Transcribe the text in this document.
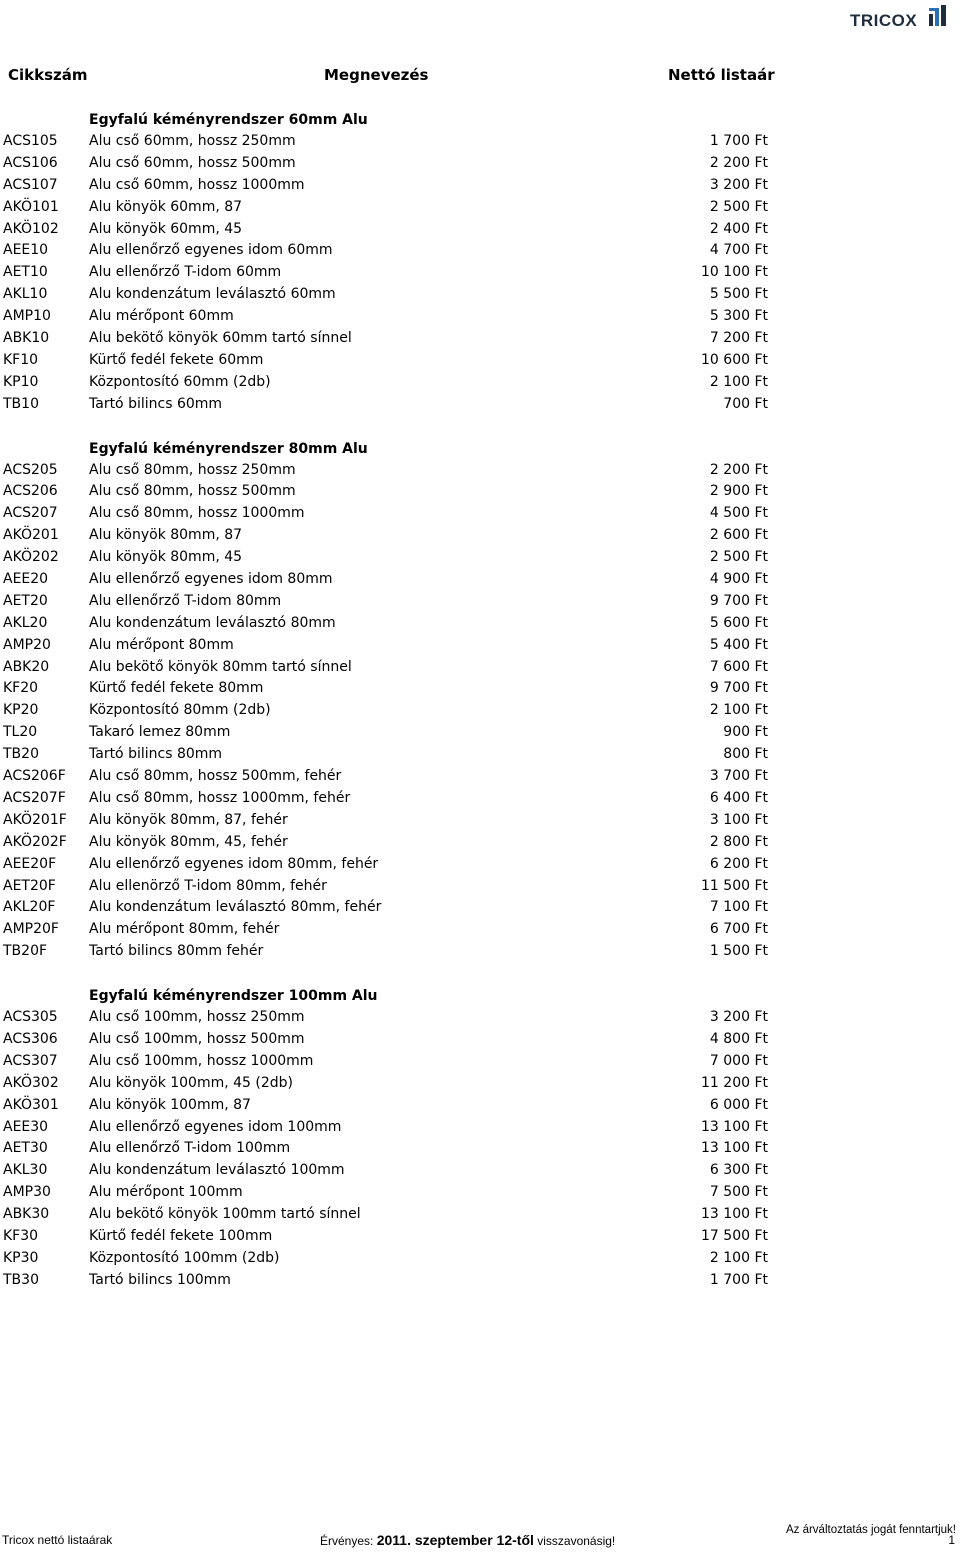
TRICOX
Cikkszám	Megnevezés	Nettó listaár
Egyfalú kéményrendszer 60mm Alu
ACS105 Alu cső 60mm, hossz 250mm	1 700 Ft
ACS106 Alu cső 60mm, hossz 500mm	2 200 Ft
ACS107 Alu cső 60mm, hossz 1000mm	3 200 Ft
AKÖ101 Alu könyök 60mm, 87	2 500 Ft
AKÖ102 Alu könyök 60mm, 45	2 400 Ft
AEE10	Alu ellenőrző egyenes idom 60mm	4 700 Ft
AET10	Alu ellenőrző T-idom 60mm	10 100 Ft
AKL10	Alu kondenzátum leválasztó 60mm	5 500 Ft
AMP10	Alu mérőpont 60mm	5 300 Ft
ABK10	Alu bekötő könyök 60mm tartó sínnel	7 200 Ft
KF10	Kürtő fedél fekete 60mm	10 600 Ft
KP10	Központosító 60mm (2db)	2 100 Ft
TB10	Tartó bilincs 60mm	700 Ft
Egyfalú kéményrendszer 80mm Alu
ACS205 Alu cső 80mm, hossz 250mm	2 200 Ft
ACS206 Alu cső 80mm, hossz 500mm	2 900 Ft
ACS207 Alu cső 80mm, hossz 1000mm	4 500 Ft
AKÖ201 Alu könyök 80mm, 87	2 600 Ft
AKÖ202 Alu könyök 80mm, 45	2 500 Ft
AEE20	Alu ellenőrző egyenes idom 80mm	4 900 Ft
AET20	Alu ellenőrző T-idom 80mm	9 700 Ft
AKL20	Alu kondenzátum leválasztó 80mm	5 600 Ft
AMP20	Alu mérőpont 80mm	5 400 Ft
ABK20	Alu bekötő könyök 80mm tartó sínnel	7 600 Ft
KF20	Kürtő fedél fekete 80mm	9 700 Ft
KP20	Központosító 80mm (2db)	2 100 Ft
TL20	Takaró lemez 80mm	900 Ft
TB20	Tartó bilincs 80mm	800 Ft
ACS206F Alu cső 80mm, hossz 500mm, fehér	3 700 Ft
ACS207F Alu cső 80mm, hossz 1000mm, fehér	6 400 Ft
AKÖ201F Alu könyök 80mm, 87, fehér	3 100 Ft
AKÖ202F Alu könyök 80mm, 45, fehér	2 800 Ft
AEE20F Alu ellenőrző egyenes idom 80mm, fehér	6 200 Ft
AET20F Alu ellenörző T-idom 80mm, fehér	11 500 Ft
AKL20F Alu kondenzátum leválasztó 80mm, fehér	7 100 Ft
AMP20F Alu mérőpont 80mm, fehér	6 700 Ft
TB20F	Tartó bilincs 80mm fehér	1 500 Ft
Egyfalú kéményrendszer 100mm Alu
ACS305 Alu cső 100mm, hossz 250mm	3 200 Ft
ACS306 Alu cső 100mm, hossz 500mm	4 800 Ft
ACS307 Alu cső 100mm, hossz 1000mm	7 000 Ft
AKÖ302 Alu könyök 100mm, 45 (2db)	11 200 Ft
AKÖ301 Alu könyök 100mm, 87	6 000 Ft
AEE30	Alu ellenőrző egyenes idom 100mm	13 100 Ft
AET30	Alu ellenőrző T-idom 100mm	13 100 Ft
AKL30	Alu kondenzátum leválasztó 100mm	6 300 Ft
AMP30	Alu mérőpont 100mm	7 500 Ft
ABK30	Alu bekötő könyök 100mm tartó sínnel	13 100 Ft
KF30	Kürtő fedél fekete 100mm	17 500 Ft
KP30	Központosító 100mm (2db)	2 100 Ft
TB30	Tartó bilincs 100mm	1 700 Ft
Az árváltoztatás jogát fenntartjuk!
Tricox nettó listaárak	Érvényes: 2011. szeptember 12-től visszavonásig!	1
